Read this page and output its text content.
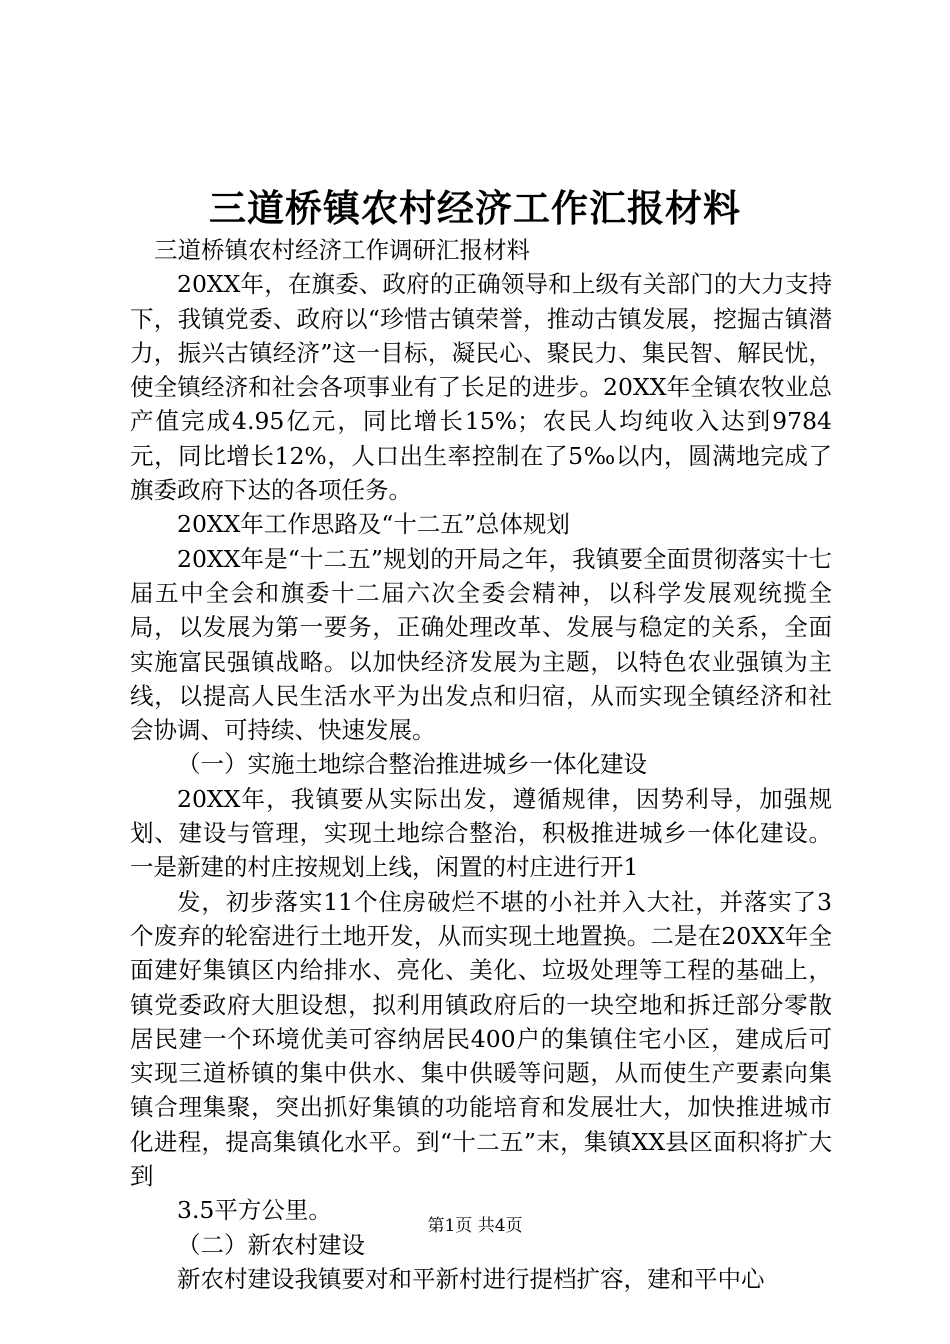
三道桥镇农村经济工作汇报材料

三道桥镇农村经济工作调研汇报材料

20XX年，在旗委、政府的正确领导和上级有关部门的大力支持下，我镇党委、政府以“珍惜古镇荣誉，推动古镇发展，挖掘古镇潜力，振兴古镇经济”这一目标，凝民心、聚民力、集民智、解民忧，使全镇经济和社会各项事业有了长足的进步。20XX年全镇农牧业总产值完成4.95亿元，同比增长15%；农民人均纯收入达到9784元，同比增长12%，人口出生率控制在了5‰以内，圆满地完成了旗委政府下达的各项任务。

20XX年工作思路及“十二五”总体规划

20XX年是“十二五”规划的开局之年，我镇要全面贯彻落实十七届五中全会和旗委十二届六次全委会精神，以科学发展观统揽全局，以发展为第一要务，正确处理改革、发展与稳定的关系，全面实施富民强镇战略。以加快经济发展为主题，以特色农业强镇为主线，以提高人民生活水平为出发点和归宿，从而实现全镇经济和社会协调、可持续、快速发展。

（一）实施土地综合整治推进城乡一体化建设

20XX年，我镇要从实际出发，遵循规律，因势利导，加强规划、建设与管理，实现土地综合整治，积极推进城乡一体化建设。一是新建的村庄按规划上线，闲置的村庄进行开1

发，初步落实11个住房破烂不堪的小社并入大社，并落实了3个废弃的轮窑进行土地开发，从而实现土地置换。二是在20XX年全面建好集镇区内给排水、亮化、美化、垃圾处理等工程的基础上，镇党委政府大胆设想，拟利用镇政府后的一块空地和拆迁部分零散居民建一个环境优美可容纳居民400户的集镇住宅小区，建成后可实现三道桥镇的集中供水、集中供暖等问题，从而使生产要素向集镇合理集聚，突出抓好集镇的功能培育和发展壮大，加快推进城市化进程，提高集镇化水平。到“十二五”末，集镇XX县区面积将扩大到

3.5平方公里。

（二）新农村建设

新农村建设我镇要对和平新村进行提档扩容，建和平中心

第1页 共4页
